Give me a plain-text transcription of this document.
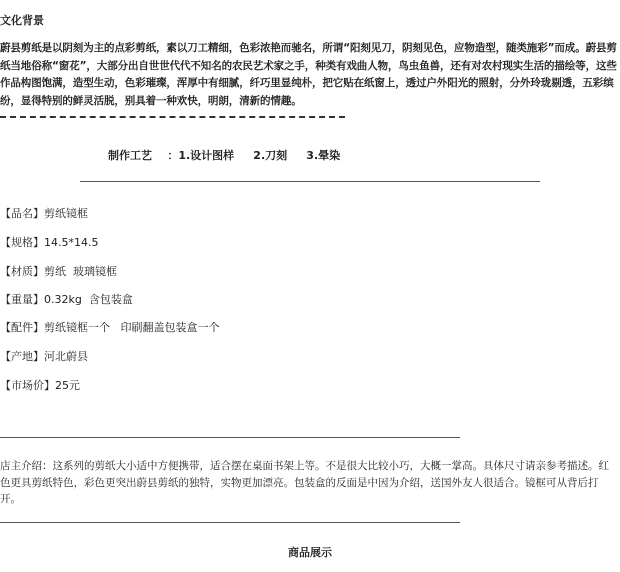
文化背景
蔚县剪纸是以阴刻为主的点彩剪纸，素以刀工精细，色彩浓艳而驰名，所谓“阳刻见刀，阴刻见色，应物造型，随类施彩”而成。蔚县剪纸当地俗称“窗花”，大部分出自世世代代不知名的农民艺术家之手，种类有戏曲人物，鸟虫鱼兽，还有对农村现实生活的描绘等，这些作品构图饱满，造型生动，色彩璀璨，浑厚中有细腻，纤巧里显纯朴，把它贴在纸窗上，透过户外阳光的照射，分外玲珑剔透，五彩缤纷，显得特别的鲜灵活脱，别具着一种欢快，明朗，清新的情趣。
制作工艺 ：1.设计图样     2.刀刻     3.晕染
【品名】剪纸镜框
【规格】14.5*14.5
【材质】剪纸  玻璃镜框
【重量】0.32kg  含包装盒
【配件】剪纸镜框一个   印刷翻盖包装盒一个
【产地】河北蔚县
【市场价】25元
店主介绍：这系列的剪纸大小适中方便携带，适合摆在桌面书架上等。不是很大比较小巧，大概一掌高。具体尺寸请亲参考描述。红色更具剪纸特色，彩色更突出蔚县剪纸的独特，实物更加漂亮。包装盒的反面是中因为介绍，送国外友人很适合。镜框可从背后打开。
商品展示
